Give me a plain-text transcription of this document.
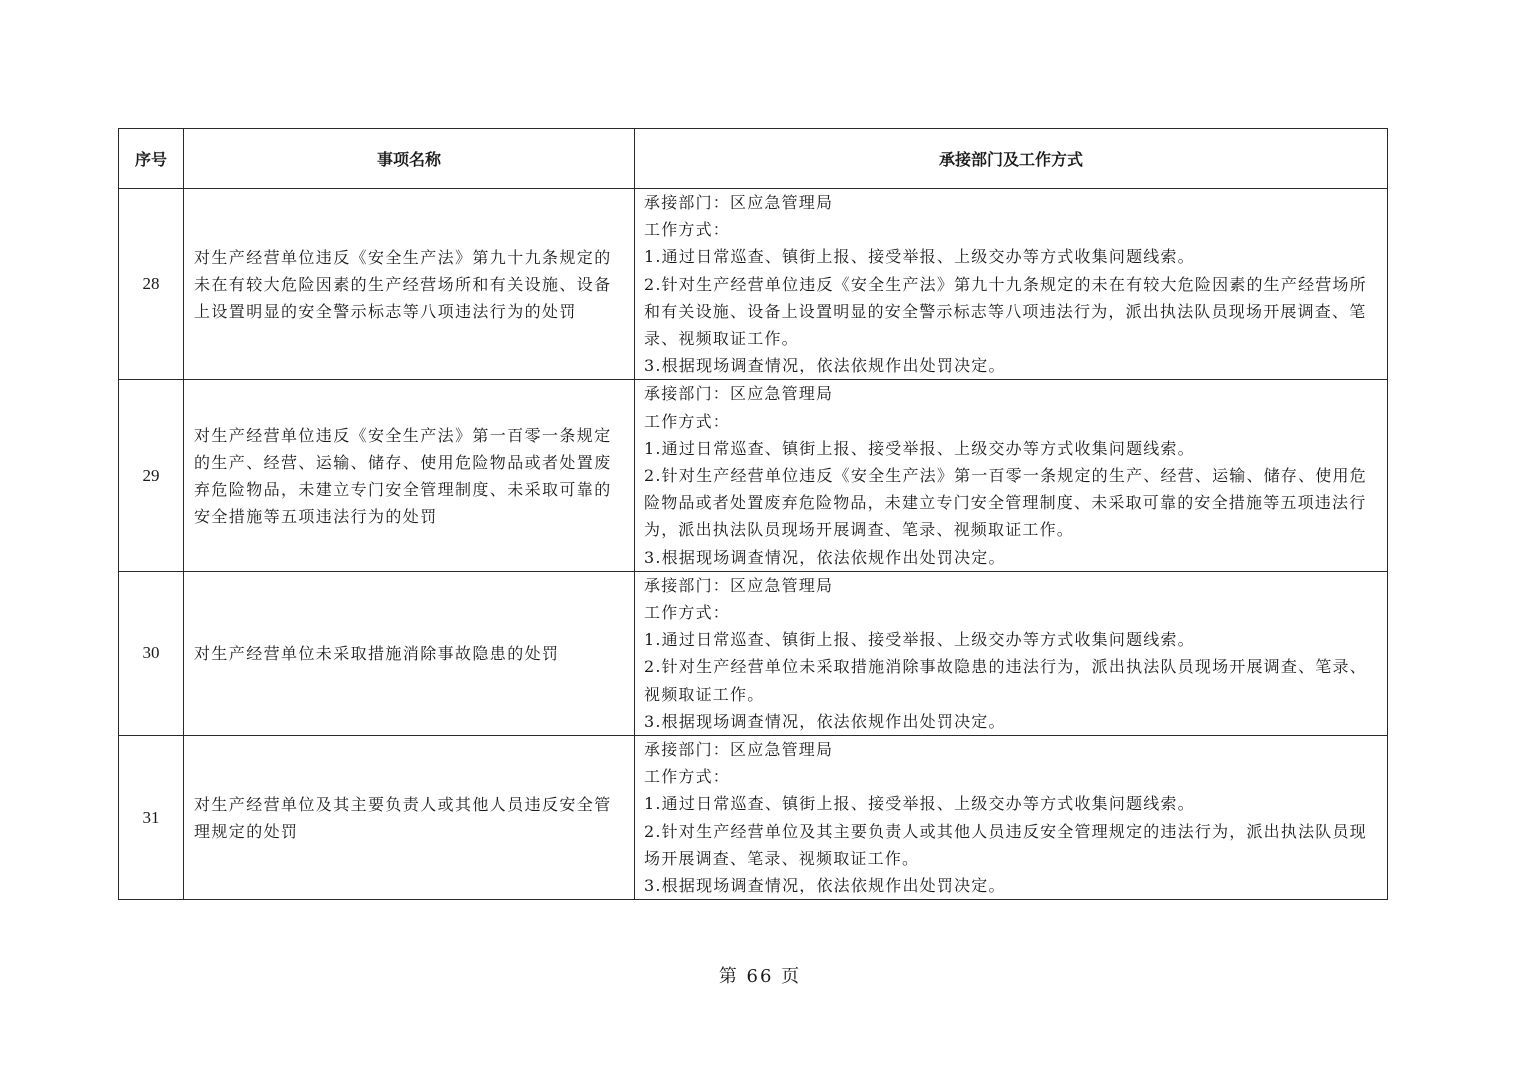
序号	事项名称	承接部门及工作方式
28	对生产经营单位违反《安全生产法》第九十九条规定的未在有较大危险因素的生产经营场所和有关设施、设备上设置明显的安全警示标志等八项违法行为的处罚	承接部门：区应急管理局
工作方式：
1.通过日常巡查、镇街上报、接受举报、上级交办等方式收集问题线索。
2.针对生产经营单位违反《安全生产法》第九十九条规定的未在有较大危险因素的生产经营场所和有关设施、设备上设置明显的安全警示标志等八项违法行为，派出执法队员现场开展调查、笔录、视频取证工作。
3.根据现场调查情况，依法依规作出处罚决定。

29	对生产经营单位违反《安全生产法》第一百零一条规定的生产、经营、运输、储存、使用危险物品或者处置废弃危险物品，未建立专门安全管理制度、未采取可靠的安全措施等五项违法行为的处罚	承接部门：区应急管理局
工作方式：
1.通过日常巡查、镇街上报、接受举报、上级交办等方式收集问题线索。
2.针对生产经营单位违反《安全生产法》第一百零一条规定的生产、经营、运输、储存、使用危险物品或者处置废弃危险物品，未建立专门安全管理制度、未采取可靠的安全措施等五项违法行为，派出执法队员现场开展调查、笔录、视频取证工作。
3.根据现场调查情况，依法依规作出处罚决定。

30	对生产经营单位未采取措施消除事故隐患的处罚	承接部门：区应急管理局
工作方式：
1.通过日常巡查、镇街上报、接受举报、上级交办等方式收集问题线索。
2.针对生产经营单位未采取措施消除事故隐患的违法行为，派出执法队员现场开展调查、笔录、视频取证工作。
3.根据现场调查情况，依法依规作出处罚决定。

31	对生产经营单位及其主要负责人或其他人员违反安全管理规定的处罚	承接部门：区应急管理局
工作方式：
1.通过日常巡查、镇街上报、接受举报、上级交办等方式收集问题线索。
2.针对生产经营单位及其主要负责人或其他人员违反安全管理规定的违法行为，派出执法队员现场开展调查、笔录、视频取证工作。
3.根据现场调查情况，依法依规作出处罚决定。
第 66 页
